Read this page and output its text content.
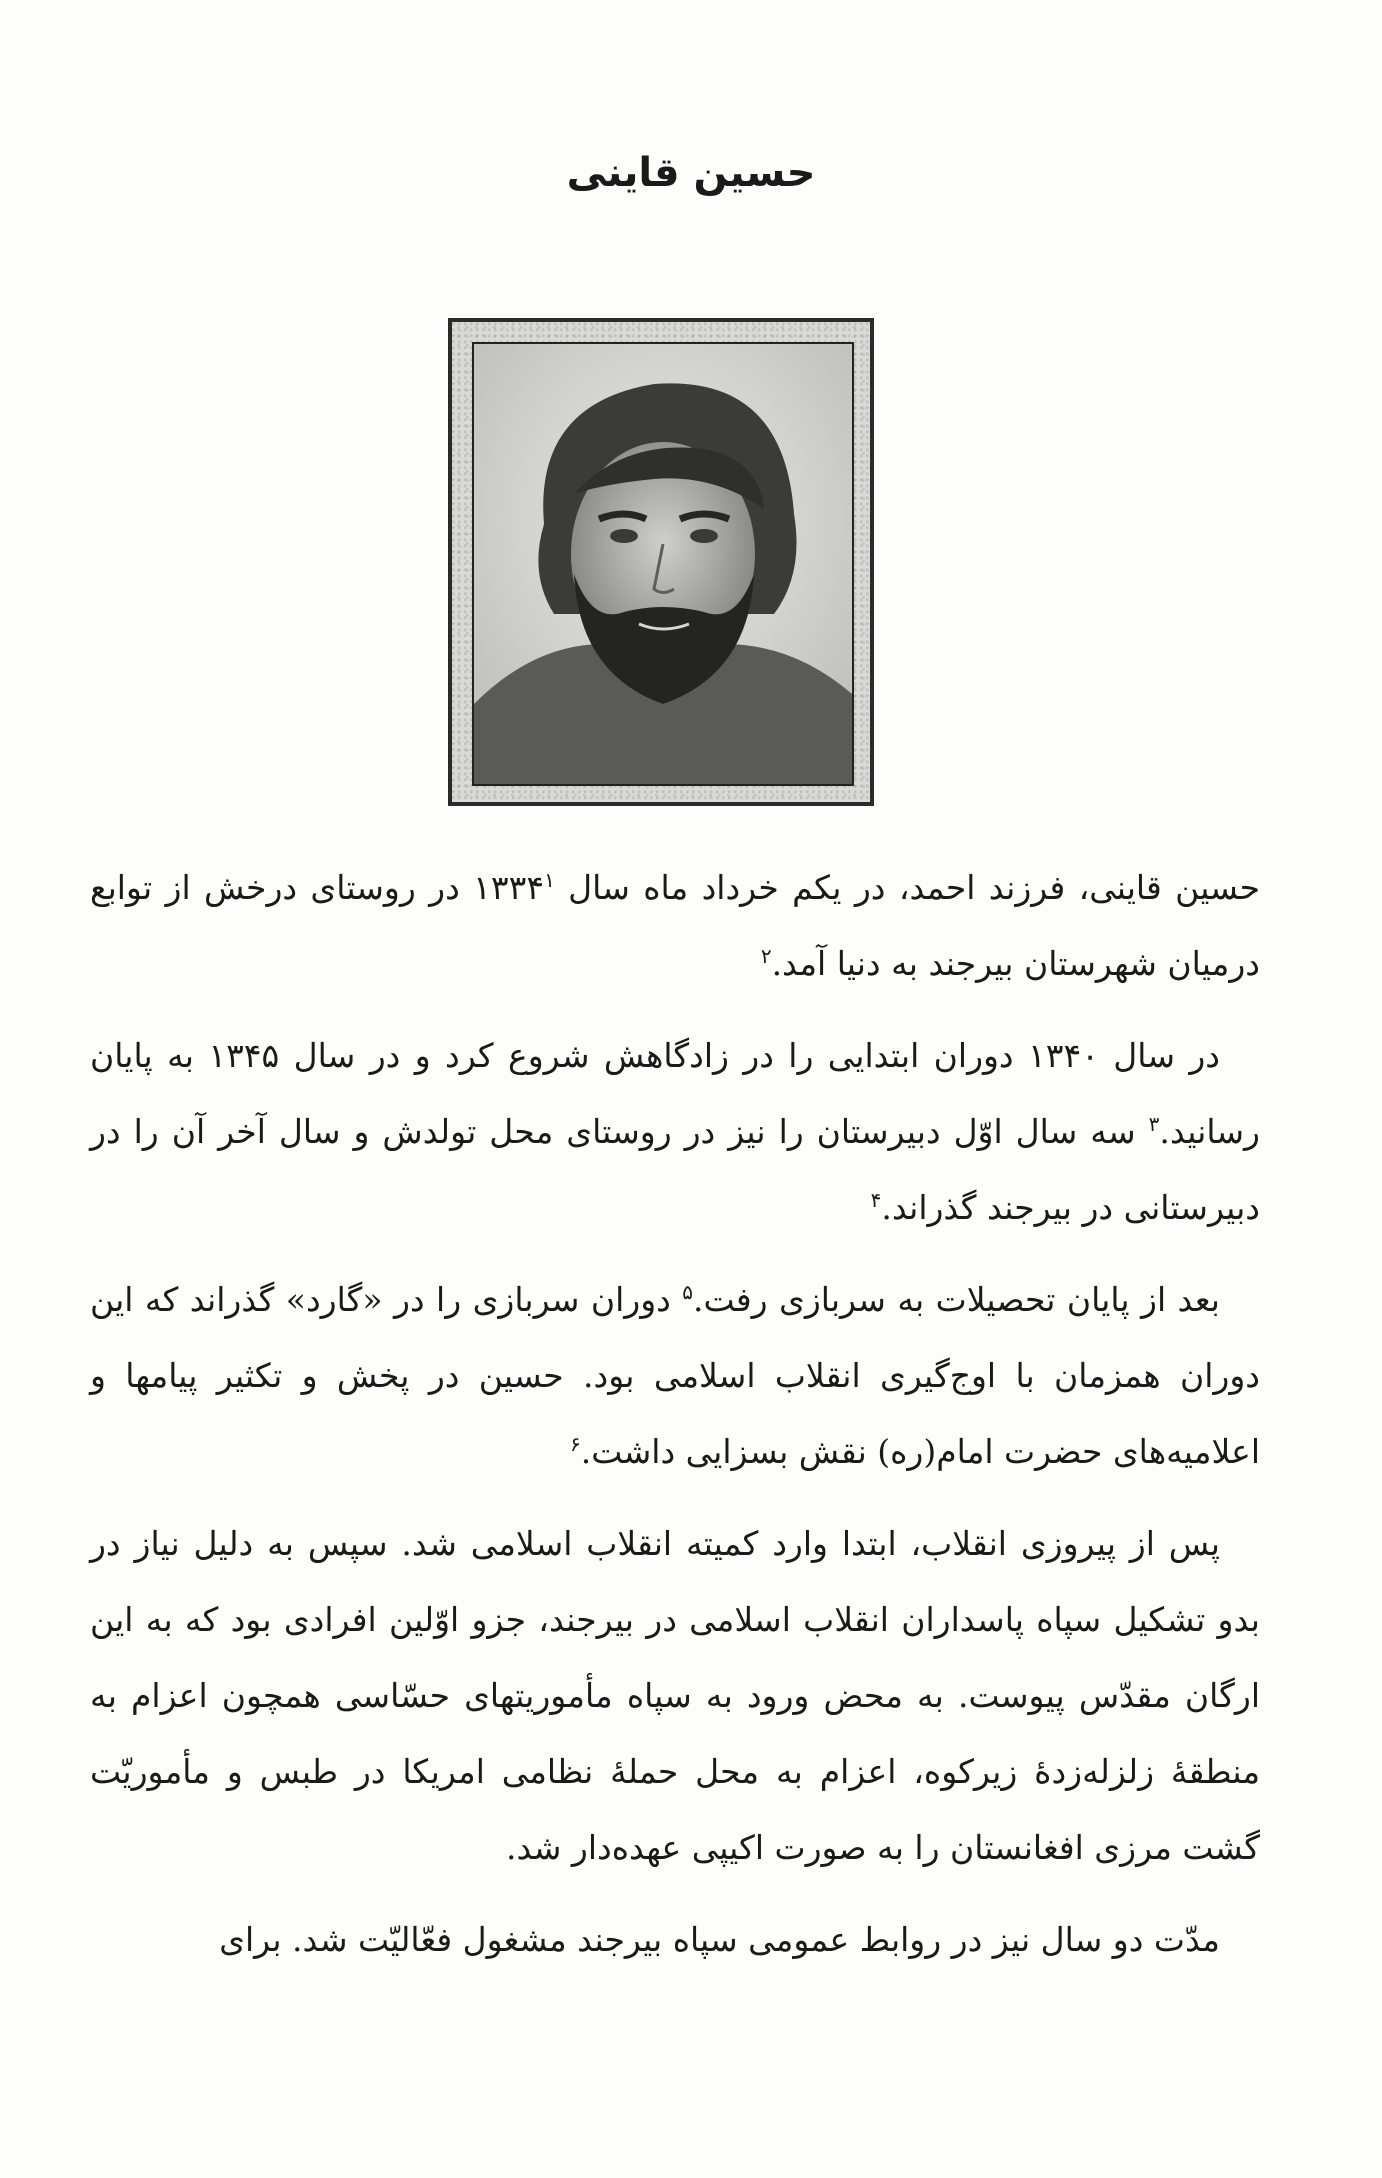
حسین قاینی

حسین قاینی، فرزند احمد، در یکم خرداد ماه سال ۱۳۳۴$^۱$ در روستای درخش از توابع درمیان شهرستان بیرجند به دنیا آمد.$^۲$

در سال ۱۳۴۰ دوران ابتدایی را در زادگاهش شروع کرد و در سال ۱۳۴۵ به پایان رسانید.$^۳$ سه سال اوّل دبیرستان را نیز در روستای محل تولدش و سال آخر آن را در دبیرستانی در بیرجند گذراند.$^۴$

بعد از پایان تحصیلات به سربازی رفت.$^۵$ دوران سربازی را در «گارد» گذراند که این دوران همزمان با اوج‌گیری انقلاب اسلامی بود. حسین در پخش و تکثیر پیامها و اعلامیه‌های حضرت امام(ره) نقش بسزایی داشت.$^۶$

پس از پیروزی انقلاب، ابتدا وارد کمیته انقلاب اسلامی شد. سپس به دلیل نیاز در بدو تشکیل سپاه پاسداران انقلاب اسلامی در بیرجند، جزو اوّلین افرادی بود که به این ارگان مقدّس پیوست. به محض ورود به سپاه مأموریتهای حسّاسی همچون اعزام به منطقهٔ زلزله‌زدهٔ زیرکوه، اعزام به محل حملهٔ نظامی امریکا در طبس و مأموریّت گشت مرزی افغانستان را به صورت اکیپی عهده‌دار شد.

مدّت دو سال نیز در روابط عمومی سپاه بیرجند مشغول فعّالیّت شد. برای
